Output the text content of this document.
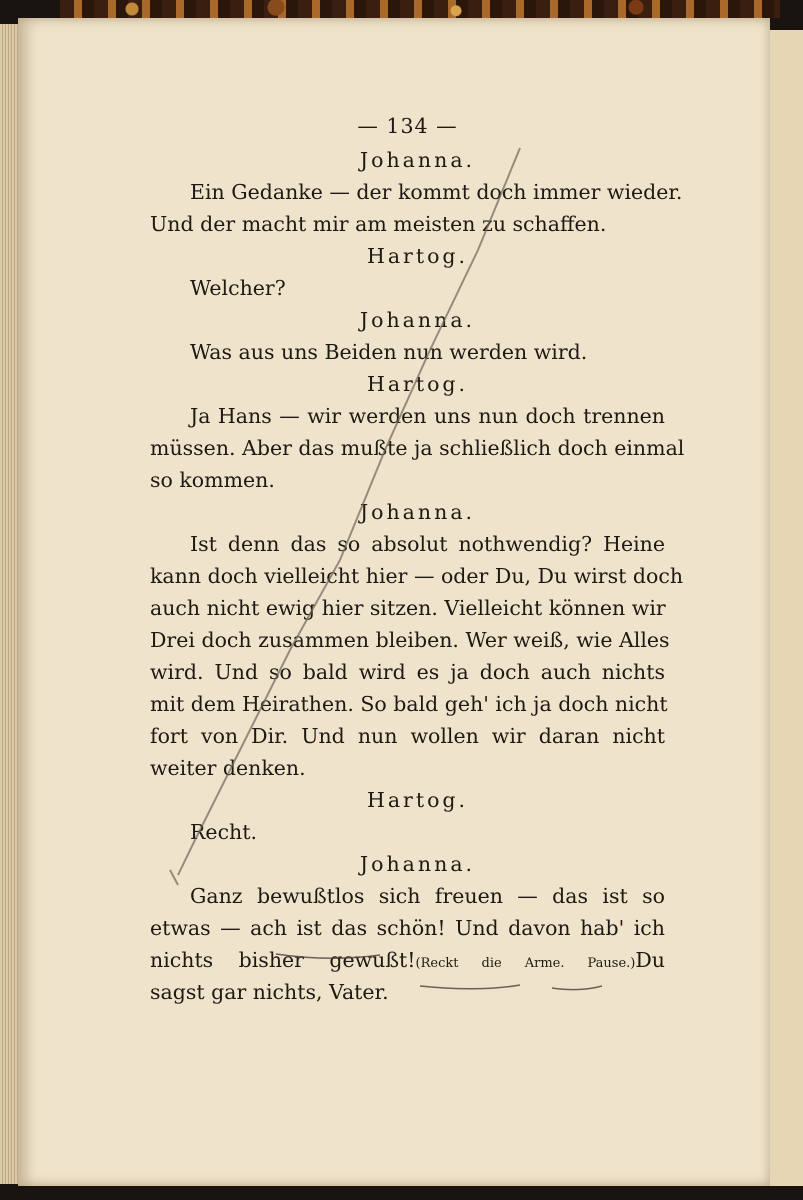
— 134 —
Johanna.
Ein Gedanke — der kommt doch immer wieder.
Und der macht mir am meisten zu schaffen.
Hartog.
Welcher?
Johanna.
Was aus uns Beiden nun werden wird.
Hartog.
Ja Hans — wir werden uns nun doch trennen
müssen. Aber das mußte ja schließlich doch einmal
so kommen.
Johanna.
Ist denn das so absolut nothwendig? Heine
kann doch vielleicht hier — oder Du, Du wirst doch
auch nicht ewig hier sitzen. Vielleicht können wir
Drei doch zusammen bleiben. Wer weiß, wie Alles
wird. Und so bald wird es ja doch auch nichts
mit dem Heirathen. So bald geh' ich ja doch nicht
fort von Dir. Und nun wollen wir daran nicht
weiter denken.
Hartog.
Recht.
Johanna.
Ganz bewußtlos sich freuen — das ist so
etwas — ach ist das schön! Und davon hab' ich
nichts bisher gewußt!(Reckt die Arme. Pause.)Du
sagst gar nichts, Vater.
